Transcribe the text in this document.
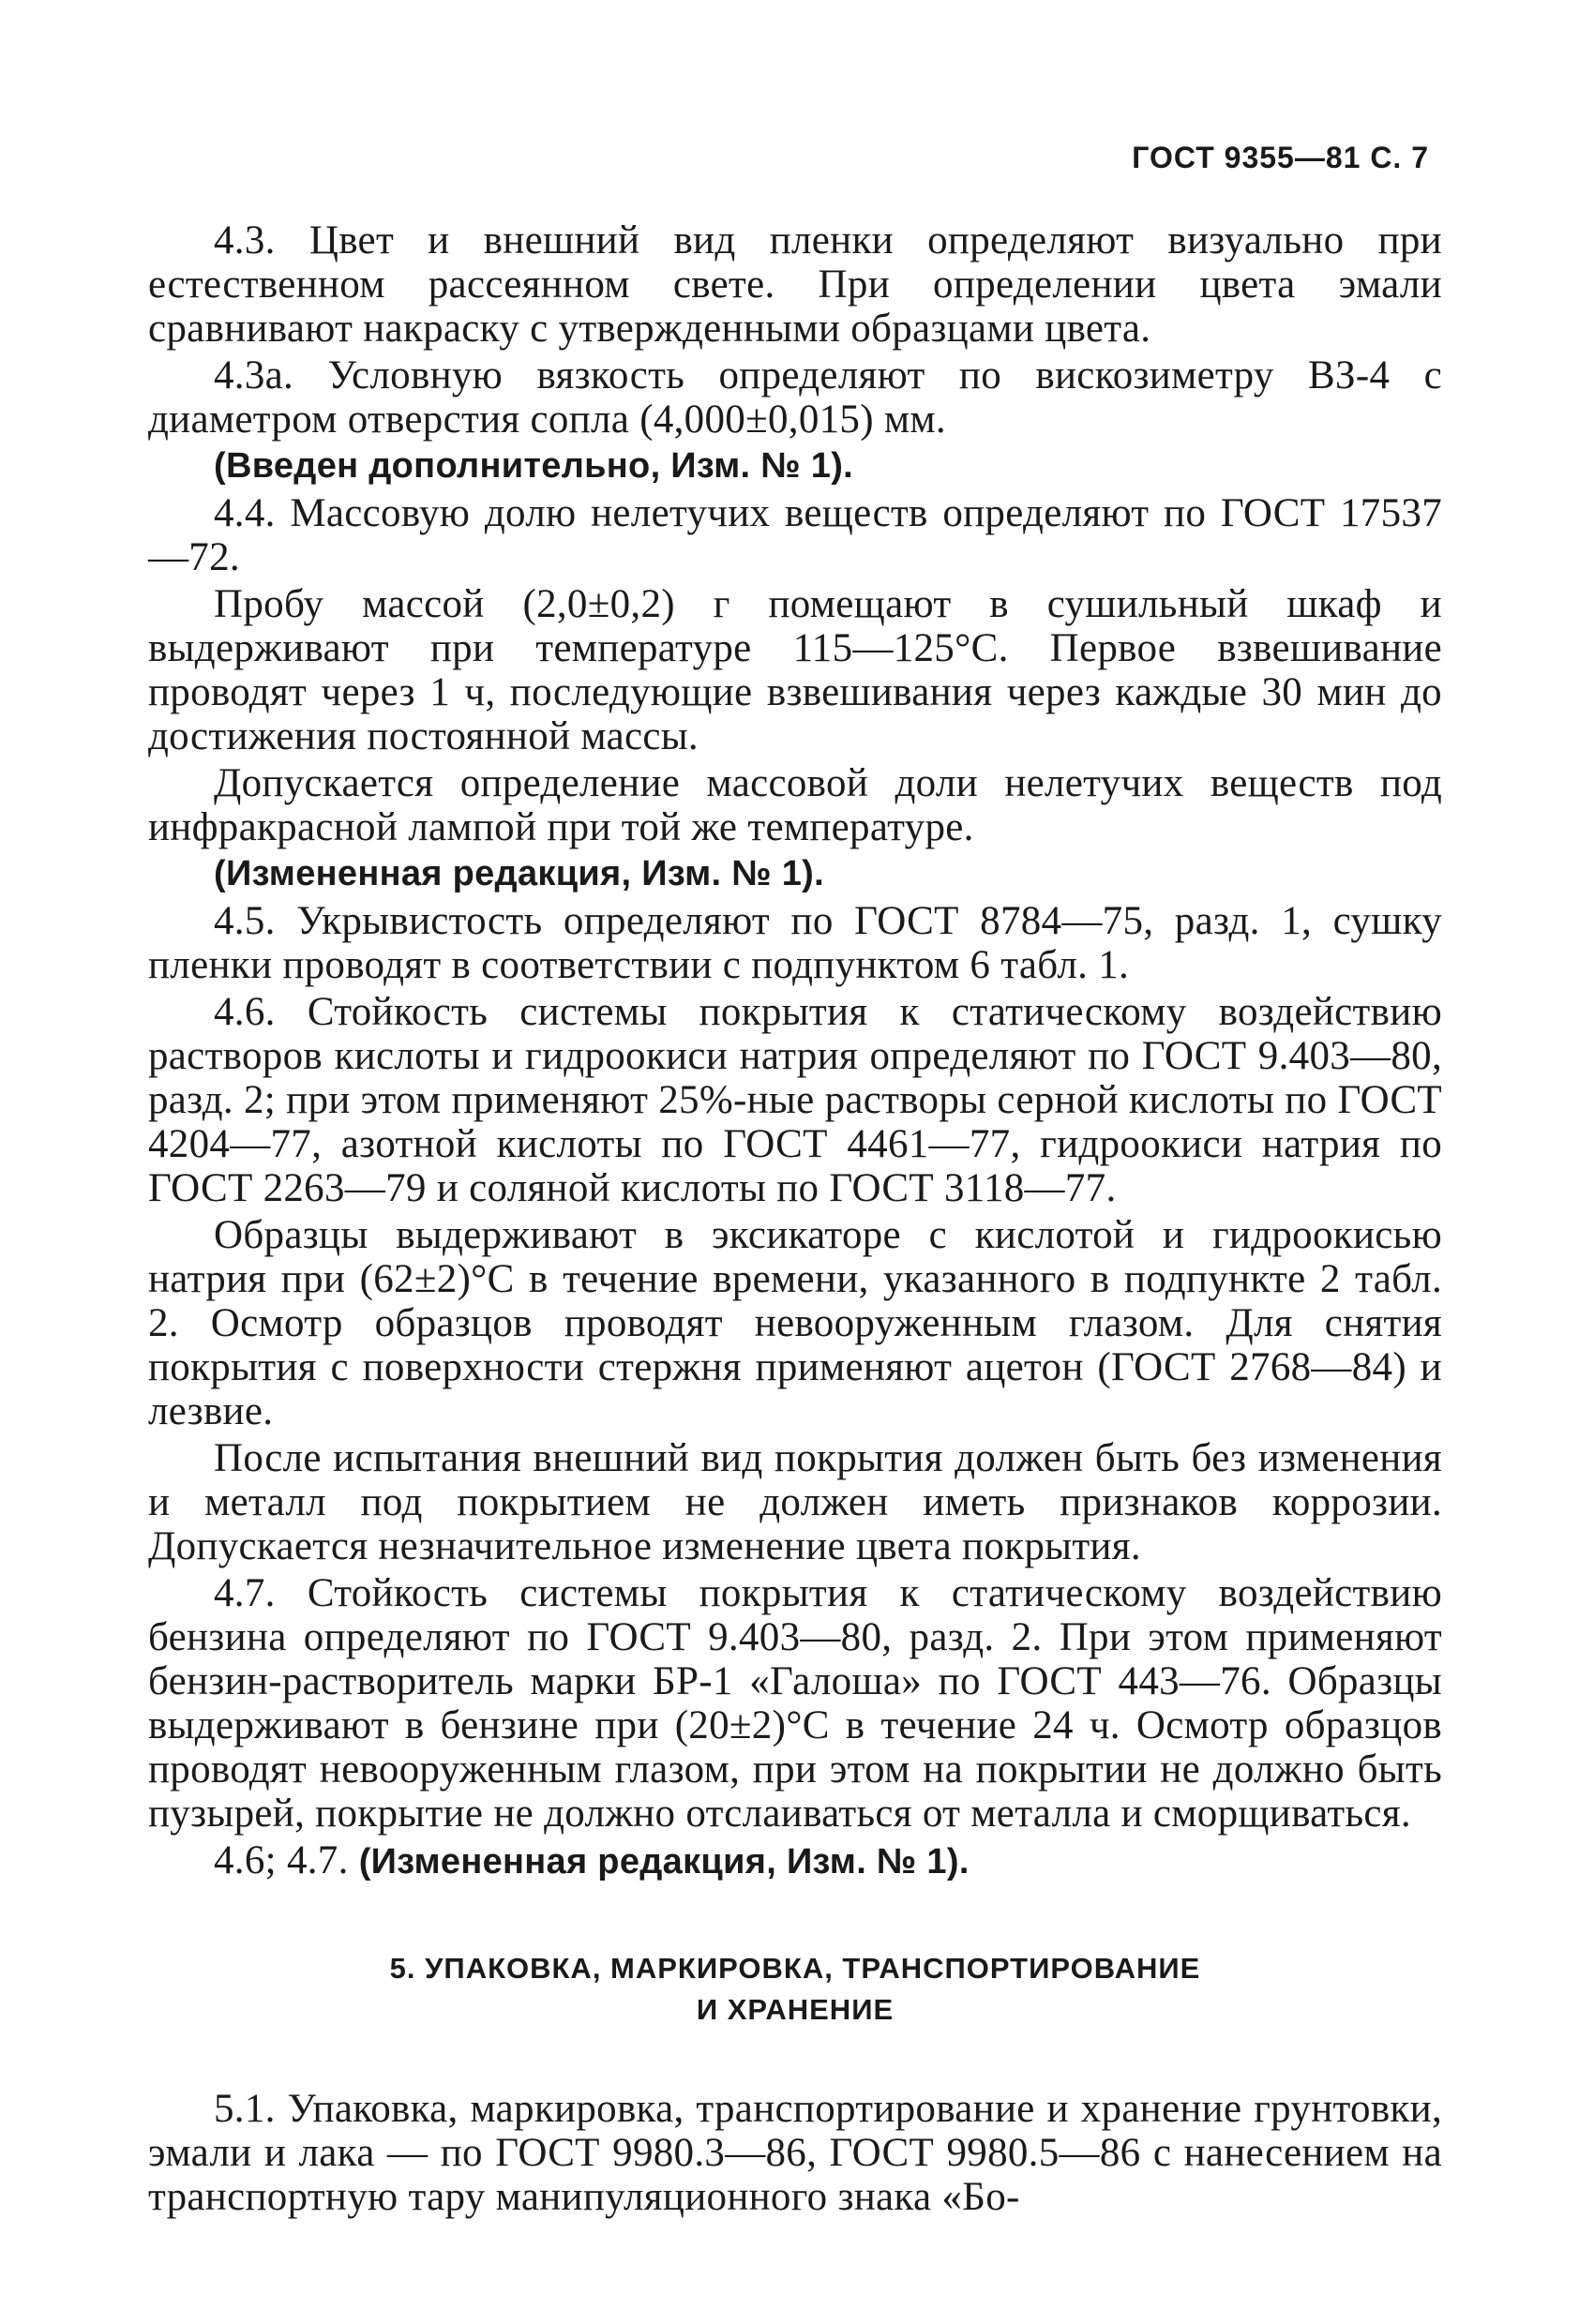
ГОСТ 9355—81 С. 7

4.3. Цвет и внешний вид пленки определяют визуально при естественном рассеянном свете. При определении цвета эмали сравнивают накраску с утвержденными образцами цвета.

4.3а. Условную вязкость определяют по вискозиметру ВЗ-4 с диаметром отверстия сопла (4,000±0,015) мм.

(Введен дополнительно, Изм. № 1).

4.4. Массовую долю нелетучих веществ определяют по ГОСТ 17537—72.

Пробу массой (2,0±0,2) г помещают в сушильный шкаф и выдерживают при температуре 115—125°С. Первое взвешивание проводят через 1 ч, последующие взвешивания через каждые 30 мин до достижения постоянной массы.

Допускается определение массовой доли нелетучих веществ под инфракрасной лампой при той же температуре.

(Измененная редакция, Изм. № 1).

4.5. Укрывистость определяют по ГОСТ 8784—75, разд. 1, сушку пленки проводят в соответствии с подпунктом 6 табл. 1.

4.6. Стойкость системы покрытия к статическому воздействию растворов кислоты и гидроокиси натрия определяют по ГОСТ 9.403—80, разд. 2; при этом применяют 25%-ные растворы серной кислоты по ГОСТ 4204—77, азотной кислоты по ГОСТ 4461—77, гидроокиси натрия по ГОСТ 2263—79 и соляной кислоты по ГОСТ 3118—77.

Образцы выдерживают в эксикаторе с кислотой и гидроокисью натрия при (62±2)°С в течение времени, указанного в подпункте 2 табл. 2. Осмотр образцов проводят невооруженным глазом. Для снятия покрытия с поверхности стержня применяют ацетон (ГОСТ 2768—84) и лезвие.

После испытания внешний вид покрытия должен быть без изменения и металл под покрытием не должен иметь признаков коррозии. Допускается незначительное изменение цвета покрытия.

4.7. Стойкость системы покрытия к статическому воздействию бензина определяют по ГОСТ 9.403—80, разд. 2. При этом применяют бензин-растворитель марки БР-1 «Галоша» по ГОСТ 443—76. Образцы выдерживают в бензине при (20±2)°С в течение 24 ч. Осмотр образцов проводят невооруженным глазом, при этом на покрытии не должно быть пузырей, покрытие не должно отслаиваться от металла и сморщиваться.

4.6; 4.7. (Измененная редакция, Изм. № 1).

5. УПАКОВКА, МАРКИРОВКА, ТРАНСПОРТИРОВАНИЕ
И ХРАНЕНИЕ

5.1. Упаковка, маркировка, транспортирование и хранение грунтовки, эмали и лака — по ГОСТ 9980.3—86, ГОСТ 9980.5—86 с нанесением на транспортную тару манипуляционного знака «Бо-
